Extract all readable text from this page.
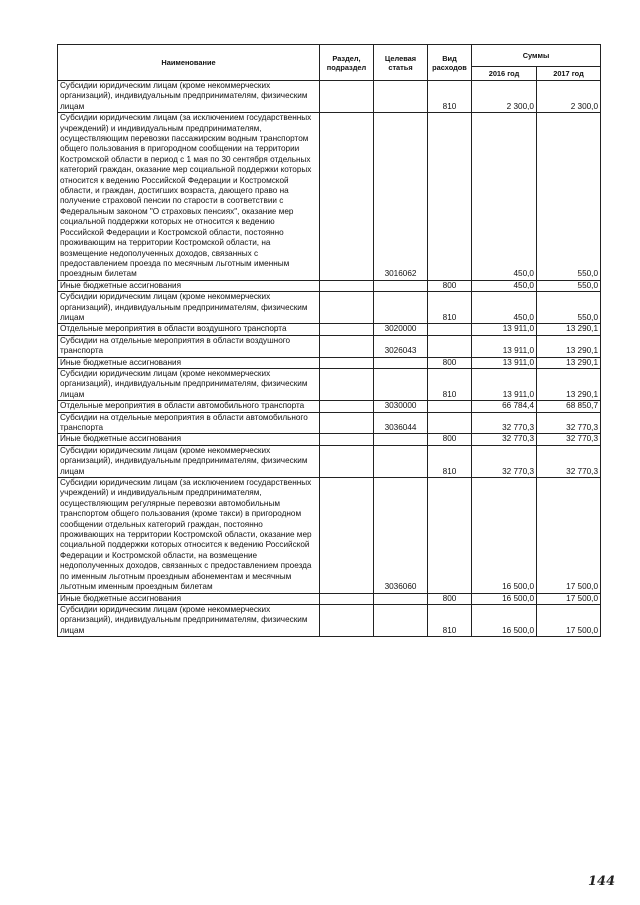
Наименование	Раздел, подраздел	Целевая статья	Вид расходов	Суммы	
				2016 год	2017 год
Субсидии юридическим лицам (кроме некоммерческих организаций), индивидуальным предпринимателям, физическим лицам			810	2 300,0	2 300,0
Субсидии юридическим лицам (за исключением государственных учреждений) и индивидуальным предпринимателям, осуществляющим перевозки пассажирским водным транспортом общего пользования в пригородном сообщении на территории Костромской области в период с 1 мая по 30 сентября отдельных категорий граждан, оказание мер социальной поддержки которых относится к ведению Российской Федерации и Костромской области, и граждан, достигших возраста, дающего право на получение страховой пенсии по старости в соответствии с Федеральным законом "О страховых пенсиях", оказание мер социальной поддержки которых не относится к ведению Российской Федерации и Костромской области, постоянно проживающим на территории Костромской области, на возмещение недополученных доходов, связанных с предоставлением проезда по месячным льготным именным проездным билетам		3016062		450,0	550,0
Иные бюджетные ассигнования			800	450,0	550,0
Субсидии юридическим лицам (кроме некоммерческих организаций), индивидуальным предпринимателям, физическим лицам			810	450,0	550,0
Отдельные мероприятия в области воздушного транспорта		3020000		13 911,0	13 290,1
Субсидии на отдельные мероприятия в области воздушного транспорта		3026043		13 911,0	13 290,1
Иные бюджетные ассигнования			800	13 911,0	13 290,1
Субсидии юридическим лицам (кроме некоммерческих организаций), индивидуальным предпринимателям, физическим лицам			810	13 911,0	13 290,1
Отдельные мероприятия в области автомобильного транспорта		3030000		66 784,4	68 850,7
Субсидии на отдельные мероприятия в области автомобильного транспорта		3036044		32 770,3	32 770,3
Иные бюджетные ассигнования			800	32 770,3	32 770,3
Субсидии юридическим лицам (кроме некоммерческих организаций), индивидуальным предпринимателям, физическим лицам			810	32 770,3	32 770,3
Субсидии юридическим лицам (за исключением государственных учреждений) и индивидуальным предпринимателям, осуществляющим регулярные перевозки автомобильным транспортом общего пользования (кроме такси) в пригородном сообщении отдельных категорий граждан, постоянно проживающих на территории Костромской области, оказание мер социальной поддержки которых относится к ведению Российской Федерации и Костромской области, на возмещение недополученных доходов, связанных с предоставлением проезда по именным льготным проездным абонементам и месячным льготным именным проездным билетам		3036060		16 500,0	17 500,0
Иные бюджетные ассигнования			800	16 500,0	17 500,0
Субсидии юридическим лицам (кроме некоммерческих организаций), индивидуальным предпринимателям, физическим лицам			810	16 500,0	17 500,0
144
